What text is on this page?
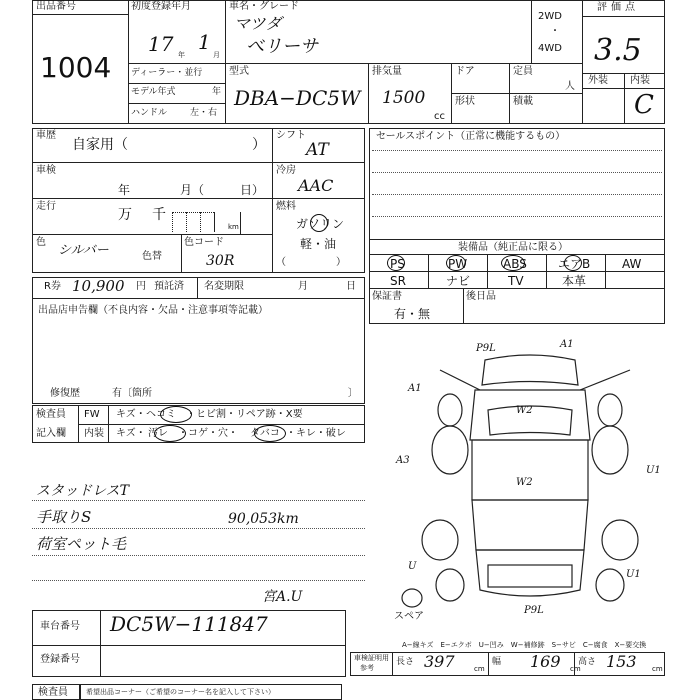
出品番号
1004
初度登録年月
17 年
1
月
車名・グレード
マツダ
べリーサ
2WD
・
4WD
評価点
3.5
外装 内装
C
ディーラー・並行
モデル年式	年
ハンドル	左・右
型式
DBA−DC5W
排気量
1500
cc
ドア
形状
定員
人
積載
車歴
自家用（	）
車検
年	月（	日）
走行
万 千
km
色
シルバー	色替
色コード
30R
シフト
AT
冷房
AAC
燃料
ガソリン
軽・油
（　　　　　）
セールスポイント（正常に機能するもの）
装備品（純正品に限る）
PS	PW	ABS	エアB	AW
SR	ナビ	TV	本革
R券 10,900 円 預託済 名変期限	月	日
保証書
有・無
後日品
出品店申告欄（不良内容・欠品・注意事項等記載）
修復歴	有〔箇所	〕
検査員
記入欄
FW キズ・ ヘコミ ・ヒビ割・リペア跡・X要
内装 キズ・ 汚レ ・コゲ・穴・ タバコ ・キレ・破レ
スタッドレスT
手取りS	90,053km
荷室ペット毛
宮A.U
P9L	A1
A1
A3
W2
W2
U1
U
U1
P9L
スペア
車台番号 DC5W−111847
登録番号
A−線キズ　E−エクボ　U−凹み　W−補修跡　S−サビ　C−腐食　X−要交換
車検証明用
参考
長さ 397	cm
幅 169 cm
高さ 153 cm
検査員	希望出品コーナー（ご希望のコーナー名を記入して下さい）
